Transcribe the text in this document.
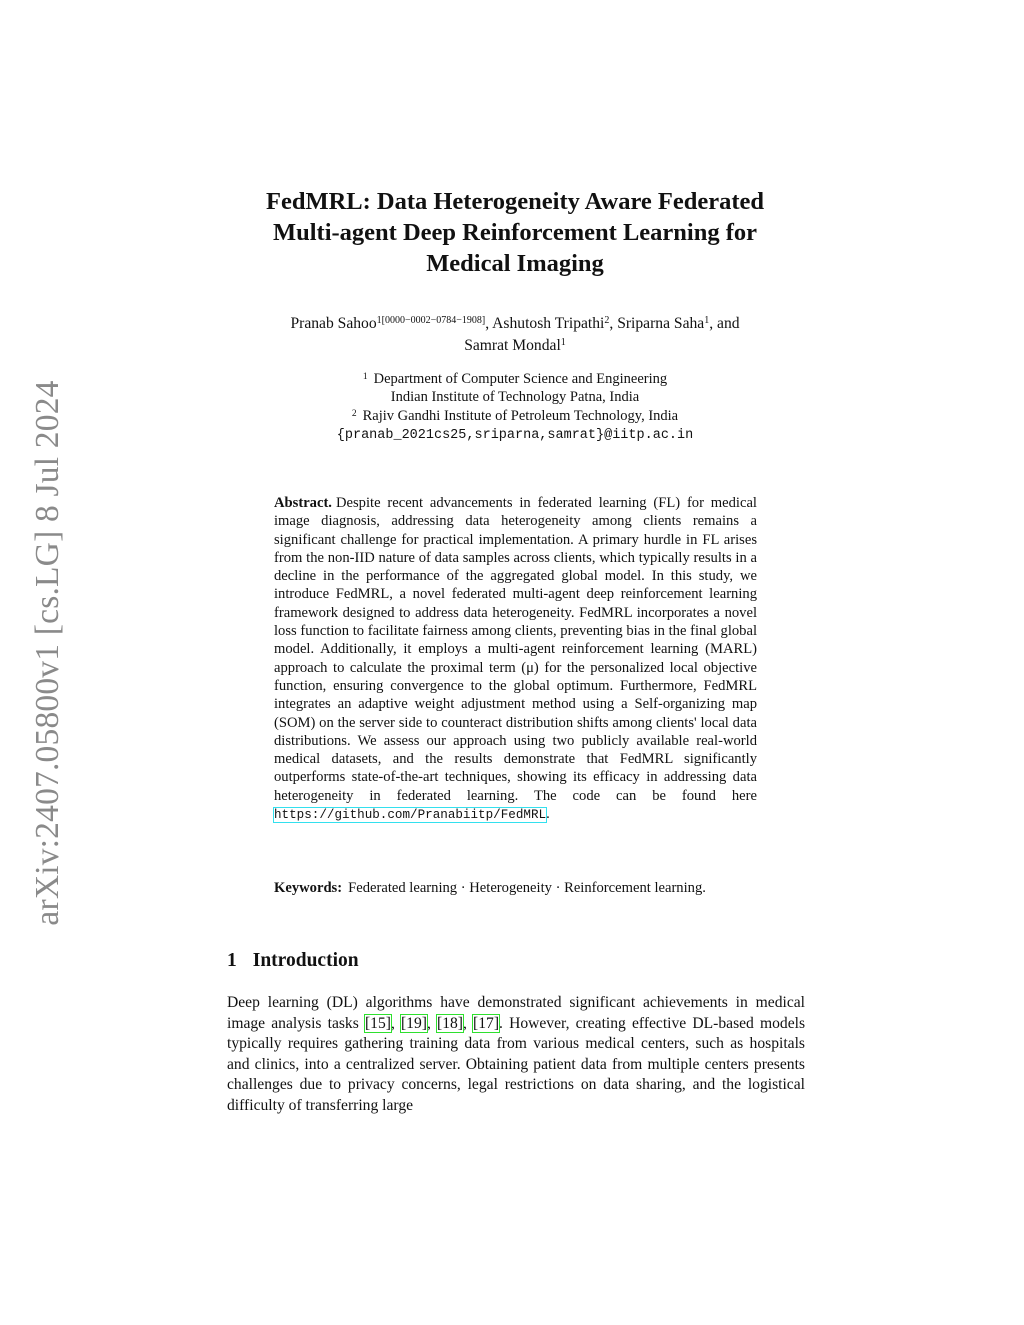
arXiv:2407.05800v1 [cs.LG] 8 Jul 2024
FedMRL: Data Heterogeneity Aware Federated
Multi-agent Deep Reinforcement Learning for
Medical Imaging
Pranab Sahoo$^{1[0000-0002-0784-1908]}$, Ashutosh Tripathi$^2$, Sriparna Saha$^1$, and
Samrat Mondal$^1$
$^1$ Department of Computer Science and Engineering
Indian Institute of Technology Patna, India
$^2$ Rajiv Gandhi Institute of Petroleum Technology, India
{pranab_2021cs25,sriparna,samrat}@iitp.ac.in
Abstract. Despite recent advancements in federated learning (FL) for medical image diagnosis, addressing data heterogeneity among clients remains a significant challenge for practical implementation. A primary hurdle in FL arises from the non-IID nature of data samples across clients, which typically results in a decline in the performance of the aggregated global model. In this study, we introduce FedMRL, a novel federated multi-agent deep reinforcement learning framework designed to address data heterogeneity. FedMRL incorporates a novel loss function to facilitate fairness among clients, preventing bias in the final global model. Additionally, it employs a multi-agent reinforcement learning (MARL) approach to calculate the proximal term (μ) for the personalized local objective function, ensuring convergence to the global optimum. Furthermore, FedMRL integrates an adaptive weight adjustment method using a Self-organizing map (SOM) on the server side to counteract distribution shifts among clients' local data distributions. We assess our approach using two publicly available real-world medical datasets, and the results demonstrate that FedMRL significantly outperforms state-of-the-art techniques, showing its efficacy in addressing data heterogeneity in federated learning. The code can be found here https://github.com/Pranabiitp/FedMRL.
Keywords: Federated learning · Heterogeneity · Reinforcement learning.
1 Introduction
Deep learning (DL) algorithms have demonstrated significant achievements in medical image analysis tasks [15], [19], [18], [17]. However, creating effective DL-based models typically requires gathering training data from various medical centers, such as hospitals and clinics, into a centralized server. Obtaining patient data from multiple centers presents challenges due to privacy concerns, legal restrictions on data sharing, and the logistical difficulty of transferring large
